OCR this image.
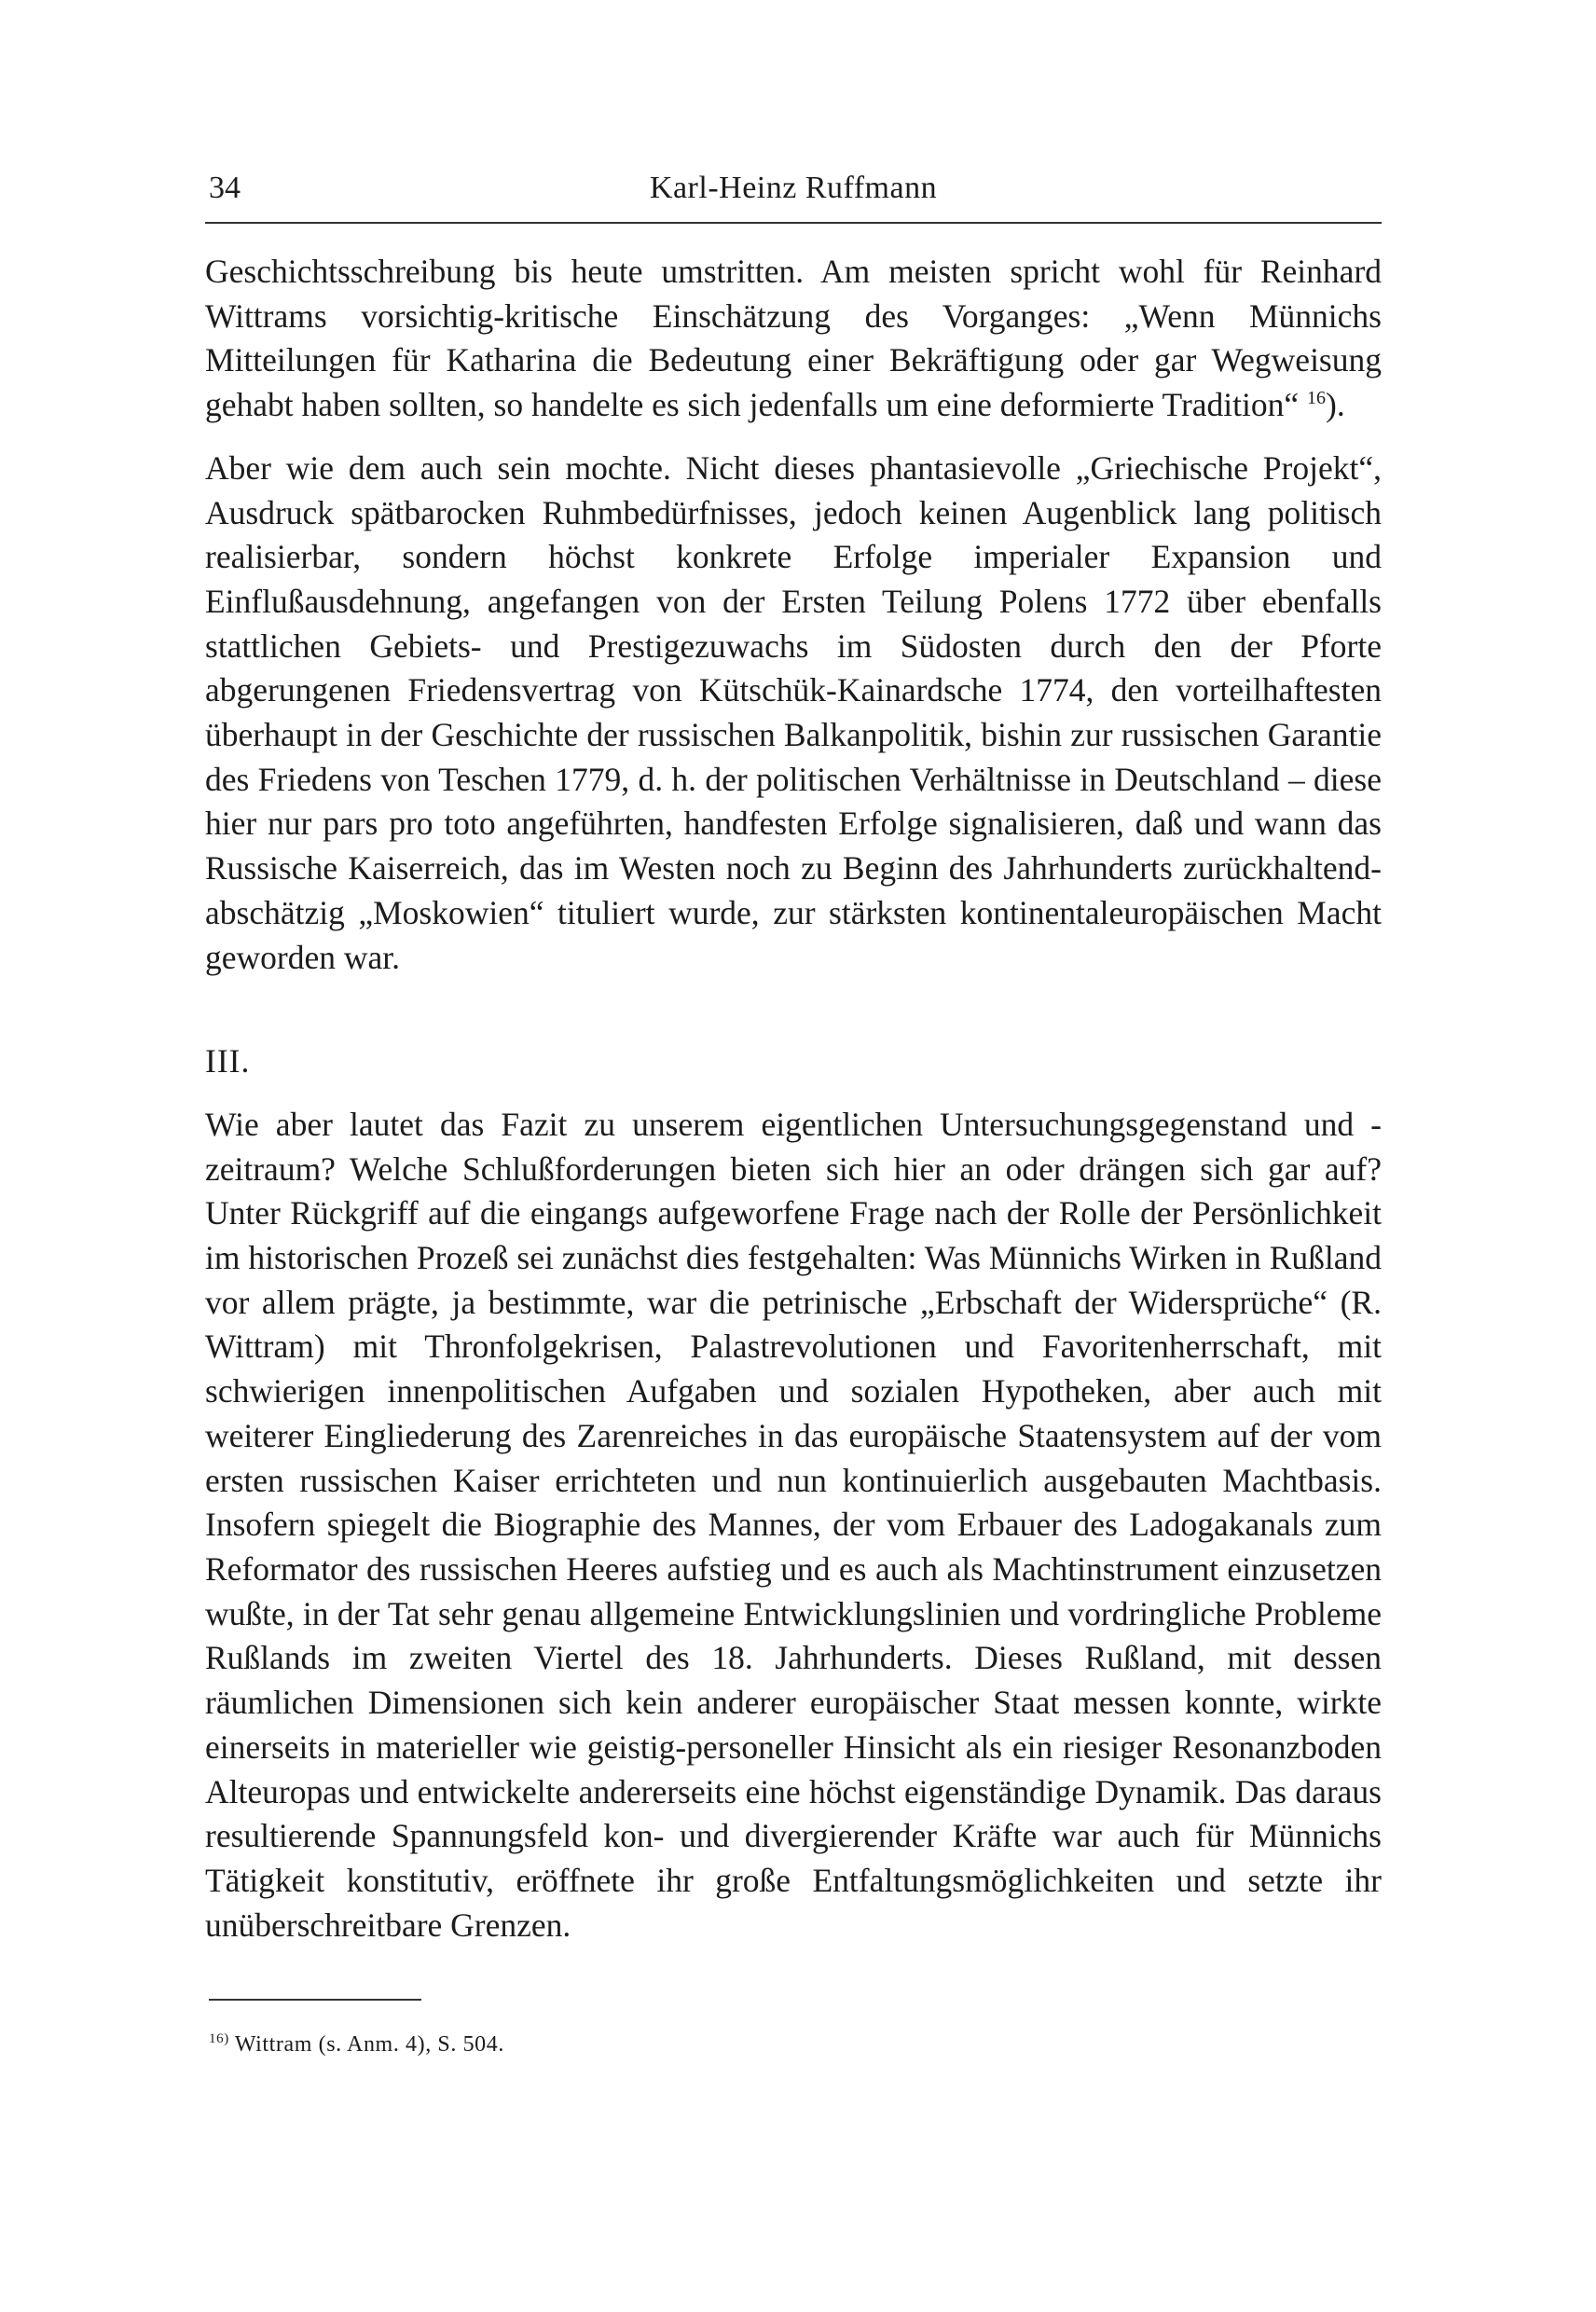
34	Karl-Heinz Ruffmann

Geschichtsschreibung bis heute umstritten. Am meisten spricht wohl für Reinhard Wittrams vorsichtig-kritische Einschätzung des Vorganges: „Wenn Münnichs Mitteilungen für Katharina die Bedeutung einer Bekräftigung oder gar Wegweisung gehabt haben sollten, so handelte es sich jedenfalls um eine deformierte Tradition“ $^{16}$).

Aber wie dem auch sein mochte. Nicht dieses phantasievolle „Griechische Projekt“, Ausdruck spätbarocken Ruhmbedürfnisses, jedoch keinen Augenblick lang politisch realisierbar, sondern höchst konkrete Erfolge imperialer Expansion und Einflußausdehnung, angefangen von der Ersten Teilung Polens 1772 über ebenfalls stattlichen Gebiets- und Prestigezuwachs im Südosten durch den der Pforte abgerungenen Friedensvertrag von Kütschük-Kainardsche 1774, den vorteilhaftesten überhaupt in der Geschichte der russischen Balkanpolitik, bishin zur russischen Garantie des Friedens von Teschen 1779, d. h. der politischen Verhältnisse in Deutschland – diese hier nur pars pro toto angeführten, handfesten Erfolge signalisieren, daß und wann das Russische Kaiserreich, das im Westen noch zu Beginn des Jahrhunderts zurückhaltend-abschätzig „Moskowien“ tituliert wurde, zur stärksten kontinentaleuropäischen Macht geworden war.

III.

Wie aber lautet das Fazit zu unserem eigentlichen Untersuchungsgegenstand und -zeitraum? Welche Schlußforderungen bieten sich hier an oder drängen sich gar auf? Unter Rückgriff auf die eingangs aufgeworfene Frage nach der Rolle der Persönlichkeit im historischen Prozeß sei zunächst dies festgehalten: Was Münnichs Wirken in Rußland vor allem prägte, ja bestimmte, war die petrinische „Erbschaft der Widersprüche“ (R. Wittram) mit Thronfolgekrisen, Palastrevolutionen und Favoritenherrschaft, mit schwierigen innenpolitischen Aufgaben und sozialen Hypotheken, aber auch mit weiterer Eingliederung des Zarenreiches in das europäische Staatensystem auf der vom ersten russischen Kaiser errichteten und nun kontinuierlich ausgebauten Machtbasis. Insofern spiegelt die Biographie des Mannes, der vom Erbauer des Ladogakanals zum Reformator des russischen Heeres aufstieg und es auch als Machtinstrument einzusetzen wußte, in der Tat sehr genau allgemeine Entwicklungslinien und vordringliche Probleme Rußlands im zweiten Viertel des 18. Jahrhunderts. Dieses Rußland, mit dessen räumlichen Dimensionen sich kein anderer europäischer Staat messen konnte, wirkte einerseits in materieller wie geistig-personeller Hinsicht als ein riesiger Resonanzboden Alteuropas und entwickelte andererseits eine höchst eigenständige Dynamik. Das daraus resultierende Spannungsfeld kon- und divergierender Kräfte war auch für Münnichs Tätigkeit konstitutiv, eröffnete ihr große Entfaltungsmöglichkeiten und setzte ihr unüberschreitbare Grenzen.

$^{16)}$ Wittram (s. Anm. 4), S. 504.
